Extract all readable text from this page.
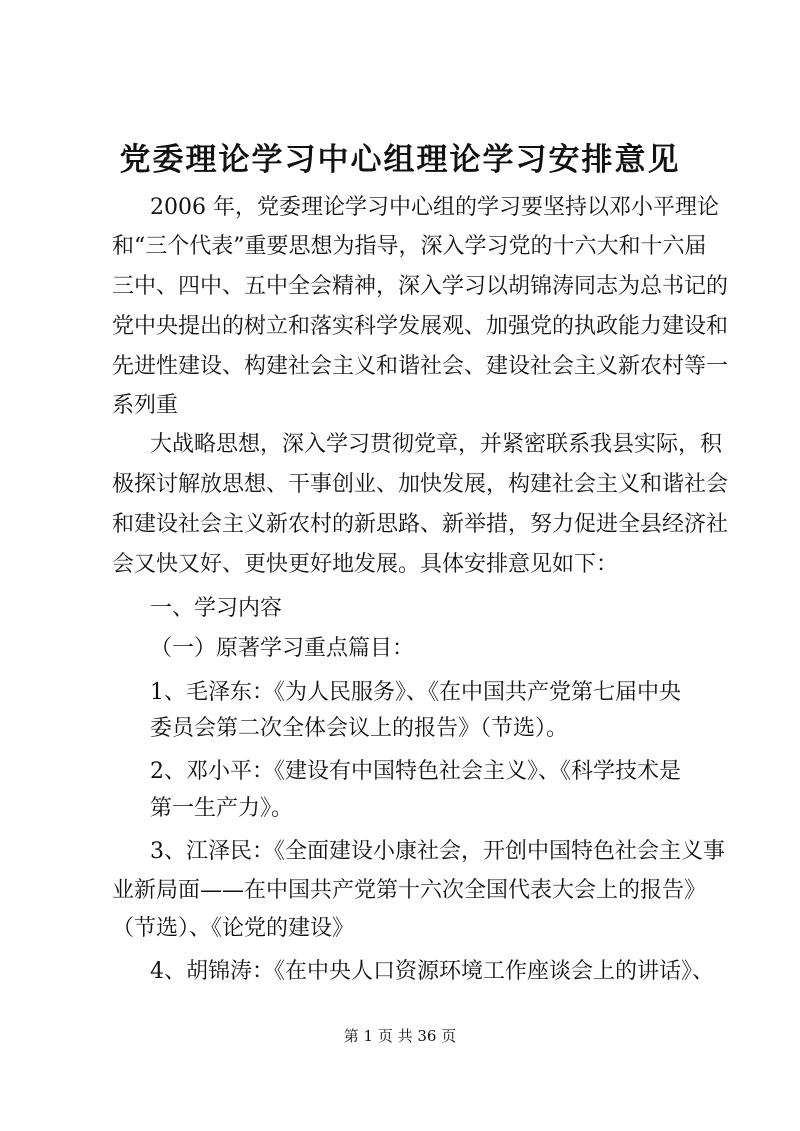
党委理论学习中心组理论学习安排意见

2006 年，党委理论学习中心组的学习要坚持以邓小平理论

和“三个代表”重要思想为指导，深入学习党的十六大和十六届

三中、四中、五中全会精神，深入学习以胡锦涛同志为总书记的

党中央提出的树立和落实科学发展观、加强党的执政能力建设和

先进性建设、构建社会主义和谐社会、建设社会主义新农村等一

系列重

大战略思想，深入学习贯彻党章，并紧密联系我县实际，积

极探讨解放思想、干事创业、加快发展，构建社会主义和谐社会

和建设社会主义新农村的新思路、新举措，努力促进全县经济社

会又快又好、更快更好地发展。具体安排意见如下：

一、学习内容

（一）原著学习重点篇目：

1、毛泽东：《为人民服务》、《在中国共产党第七届中央

委员会第二次全体会议上的报告》（节选）。

2、邓小平：《建设有中国特色社会主义》、《科学技术是

第一生产力》。

3、江泽民：《全面建设小康社会，开创中国特色社会主义事

业新局面——在中国共产党第十六次全国代表大会上的报告》

（节选）、《论党的建设》

4、胡锦涛：《在中央人口资源环境工作座谈会上的讲话》、

第 1 页 共 36 页
